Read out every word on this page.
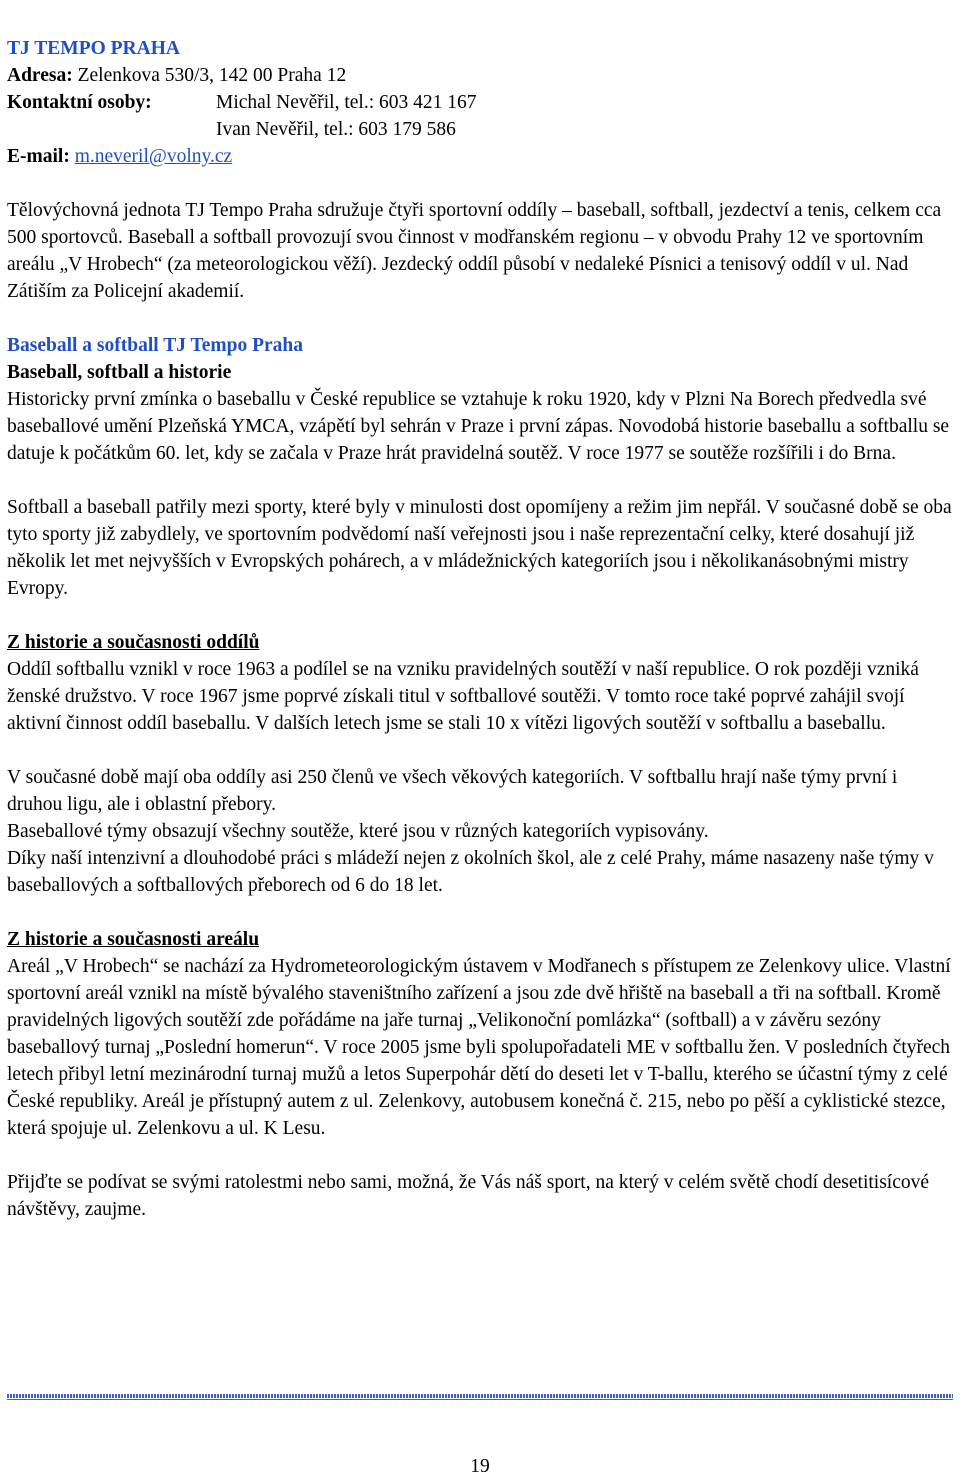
TJ TEMPO PRAHA

Adresa: Zelenkova 530/3, 142 00 Praha 12

Kontaktní osoby:	Michal Nevěřil, tel.: 603 421 167

Ivan Nevěřil, tel.: 603 179 586

E-mail: m.neveril@volny.cz

Tělovýchovná jednota TJ Tempo Praha sdružuje čtyři sportovní oddíly – baseball, softball, jezdectví a tenis, celkem cca 500 sportovců. Baseball a softball provozují svou činnost v modřanském regionu – v obvodu Prahy 12 ve sportovním areálu „V Hrobech“ (za meteorologickou věží). Jezdecký oddíl působí v nedaleké Písnici a tenisový oddíl v ul. Nad Zátiším za Policejní akademií.

Baseball a softball TJ Tempo Praha

Baseball, softball a historie

Historicky první zmínka o baseballu v České republice se vztahuje k roku 1920, kdy v Plzni Na Borech předvedla své baseballové umění Plzeňská YMCA, vzápětí byl sehrán v Praze i první zápas. Novodobá historie baseballu a softballu se datuje k počátkům 60. let, kdy se začala v Praze hrát pravidelná soutěž. V roce 1977 se soutěže rozšířili i do Brna.

Softball a baseball patřily mezi sporty, které byly v minulosti dost opomíjeny a režim jim nepřál. V současné době se oba tyto sporty již zabydlely, ve sportovním podvědomí naší veřejnosti jsou i naše reprezentační celky, které dosahují již několik let met nejvyšších v Evropských pohárech, a v mládežnických kategoriích jsou i několikanásobnými mistry Evropy.

Z historie a současnosti oddílů

Oddíl softballu vznikl v roce 1963 a podílel se na vzniku pravidelných soutěží v naší republice. O rok později vzniká ženské družstvo. V roce 1967 jsme poprvé získali titul v softballové soutěži. V tomto roce také poprvé zahájil svojí aktivní činnost oddíl baseballu. V dalších letech jsme se stali 10 x vítězi ligových soutěží v softballu a baseballu.

V současné době mají oba oddíly asi 250 členů ve všech věkových kategoriích. V softballu hrají naše týmy první i druhou ligu, ale i oblastní přebory.

Baseballové týmy obsazují všechny soutěže, které jsou v různých kategoriích vypisovány.

Díky naší intenzivní a dlouhodobé práci s mládeží nejen z okolních škol, ale z celé Prahy, máme nasazeny naše týmy v baseballových a softballových přeborech od 6 do 18 let.

Z historie a současnosti areálu

Areál „V Hrobech“ se nachází za Hydrometeorologickým ústavem v Modřanech s přístupem ze Zelenkovy ulice. Vlastní sportovní areál vznikl na místě bývalého staveništního zařízení a jsou zde dvě hřiště na baseball a tři na softball. Kromě pravidelných ligových soutěží zde pořádáme na jaře turnaj „Velikonoční pomlázka“ (softball) a v závěru sezóny baseballový turnaj „Poslední homerun“. V roce 2005 jsme byli spolupořadateli ME v softballu žen. V posledních čtyřech letech přibyl letní mezinárodní turnaj mužů a letos Superpohár dětí do deseti let v T-ballu, kterého se účastní týmy z celé České republiky. Areál je přístupný autem z ul. Zelenkovy, autobusem konečná č. 215, nebo po pěší a cyklistické stezce, která spojuje ul. Zelenkovu a ul. K Lesu.

Přijďte se podívat se svými ratolestmi nebo sami, možná, že Vás náš sport, na který v celém světě chodí desetitisícové návštěvy, zaujme.

19
